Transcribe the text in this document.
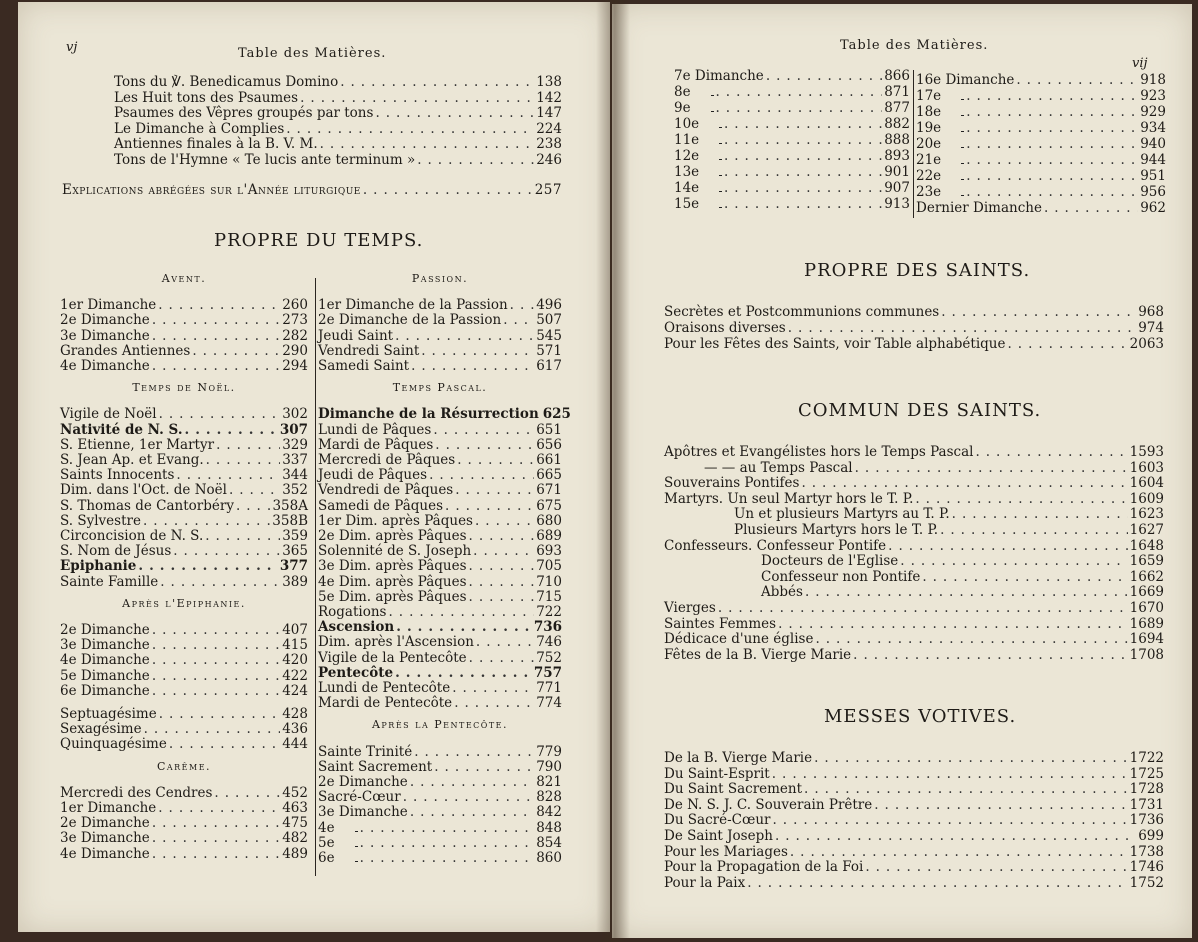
vj	Table des Matières.
Tons du ℣. Benedicamus Domino .....	138
Les Huit tons des Psaumes .....	142
Psaumes des Vêpres groupés par tons .....	147
Le Dimanche à Complies .....	224
Antiennes finales à la B. V. M. .....	238
Tons de l'Hymne « Te lucis ante terminum » .....	246
Explications abrégées sur l'Année liturgique .....	257
PROPRE DU TEMPS.
Avent.
1er Dimanche .....	260
2e Dimanche .....	273
3e Dimanche .....	282
Grandes Antiennes .....	290
4e Dimanche .....	294
Temps de Noël.
Vigile de Noël .....	302
Nativité de N. S. .....	307
S. Etienne, 1er Martyr .....	329
S. Jean Ap. et Evang. .....	337
Saints Innocents .....	344
Dim. dans l'Oct. de Noël .....	352
S. Thomas de Cantorbéry .....	358A
S. Sylvestre .....	358B
Circoncision de N. S. .....	359
S. Nom de Jésus .....	365
Epiphanie .....	377
Sainte Famille .....	389
Après l'Epiphanie.
2e Dimanche .....	407
3e Dimanche .....	415
4e Dimanche .....	420
5e Dimanche .....	422
6e Dimanche .....	424
Septuagésime .....	428
Sexagésime .....	436
Quinquagésime .....	444
Carême.
Mercredi des Cendres .....	452
1er Dimanche .....	463
2e Dimanche .....	475
3e Dimanche .....	482
4e Dimanche .....	489
Passion.
1er Dimanche de la Passion ..... 496
2e Dimanche de la Passion .....	507
Jeudi Saint .....	545
Vendredi Saint .....	571
Samedi Saint .....	617
Temps Pascal.
Dimanche de la Résurrection 625
Lundi de Pâques .....	651
Mardi de Pâques .....	656
Mercredi de Pâques .....	661
Jeudi de Pâques .....	665
Vendredi de Pâques .....	671
Samedi de Pâques .....	675
1er Dim. après Pâques .....	680
2e Dim. après Pâques .....	689
Solennité de S. Joseph .....	693
3e Dim. après Pâques .....	705
4e Dim. après Pâques .....	710
5e Dim. après Pâques .....	715
Rogations .....	722
Ascension .....	736
Dim. après l'Ascension .....	746
Vigile de la Pentecôte .....	752
Pentecôte .....	757
Lundi de Pentecôte .....	771
Mardi de Pentecôte .....	774
Après la Pentecôte.
Sainte Trinité .....	779
Saint Sacrement .....	790
2e Dimanche .....	821
Sacré-Cœur .....	828
3e Dimanche .....	842
4e .....	848
5e .....	854
6e .....	860
Table des Matières.
vij
7e Dimanche .....	866
8e .....	871
9e .....	877
10e .....	882
11e .....	888
12e .....	893
13e .....	901
14e .....	907
15e .....	913
16e Dimanche .....	918
17e .....	923
18e .....	929
19e .....	934
20e .....	940
21e .....	944
22e .....	951
23e .....	956
Dernier Dimanche .....	962
PROPRE DES SAINTS.
Secrètes et Postcommunions communes .....	968
Oraisons diverses .....	974
Pour les Fêtes des Saints, voir Table alphabétique .....	2063
COMMUN DES SAINTS.
Apôtres et Evangélistes hors le Temps Pascal .....	1593
— — au Temps Pascal .....	1603
Souverains Pontifes .....	1604
Martyrs. Un seul Martyr hors le T. P. .....	1609
Un et plusieurs Martyrs au T. P. .....	1623
Plusieurs Martyrs hors le T. P. .....	1627
Confesseurs. Confesseur Pontife .....	1648
Docteurs de l'Eglise .....	1659
Confesseur non Pontife .....	1662
Abbés .....	1669
Vierges .....	1670
Saintes Femmes .....	1689
Dédicace d'une église .....	1694
Fêtes de la B. Vierge Marie .....	1708
MESSES VOTIVES.
De la B. Vierge Marie .....	1722
Du Saint-Esprit .....	1725
Du Saint Sacrement .....	1728
De N. S. J. C. Souverain Prêtre .....	1731
Du Sacré-Cœur .....	1736
De Saint Joseph .....	699
Pour les Mariages .....	1738
Pour la Propagation de la Foi .....	1746
Pour la Paix .....	1752
